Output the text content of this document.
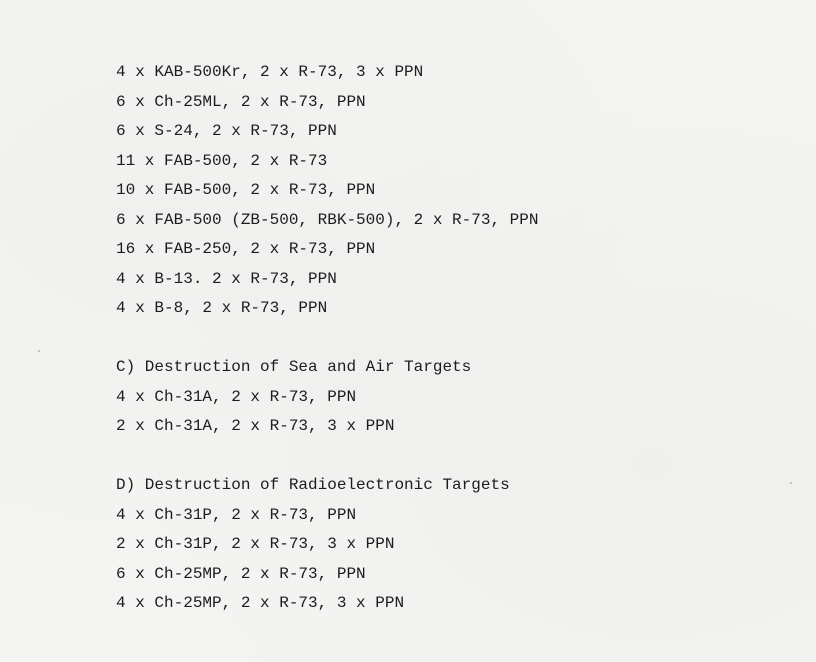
4 x KAB-500Kr, 2 x R-73, 3 x PPN
6 x Ch-25ML, 2 x R-73, PPN
6 x S-24, 2 x R-73, PPN
11 x FAB-500, 2 x R-73
10 x FAB-500, 2 x R-73, PPN
6 x FAB-500 (ZB-500, RBK-500), 2 x R-73, PPN
16 x FAB-250, 2 x R-73, PPN
4 x B-13. 2 x R-73, PPN
4 x B-8, 2 x R-73, PPN
C) Destruction of Sea and Air Targets
4 x Ch-31A, 2 x R-73, PPN
2 x Ch-31A, 2 x R-73, 3 x PPN
D) Destruction of Radioelectronic Targets
4 x Ch-31P, 2 x R-73, PPN
2 x Ch-31P, 2 x R-73, 3 x PPN
6 x Ch-25MP, 2 x R-73, PPN
4 x Ch-25MP, 2 x R-73, 3 x PPN
